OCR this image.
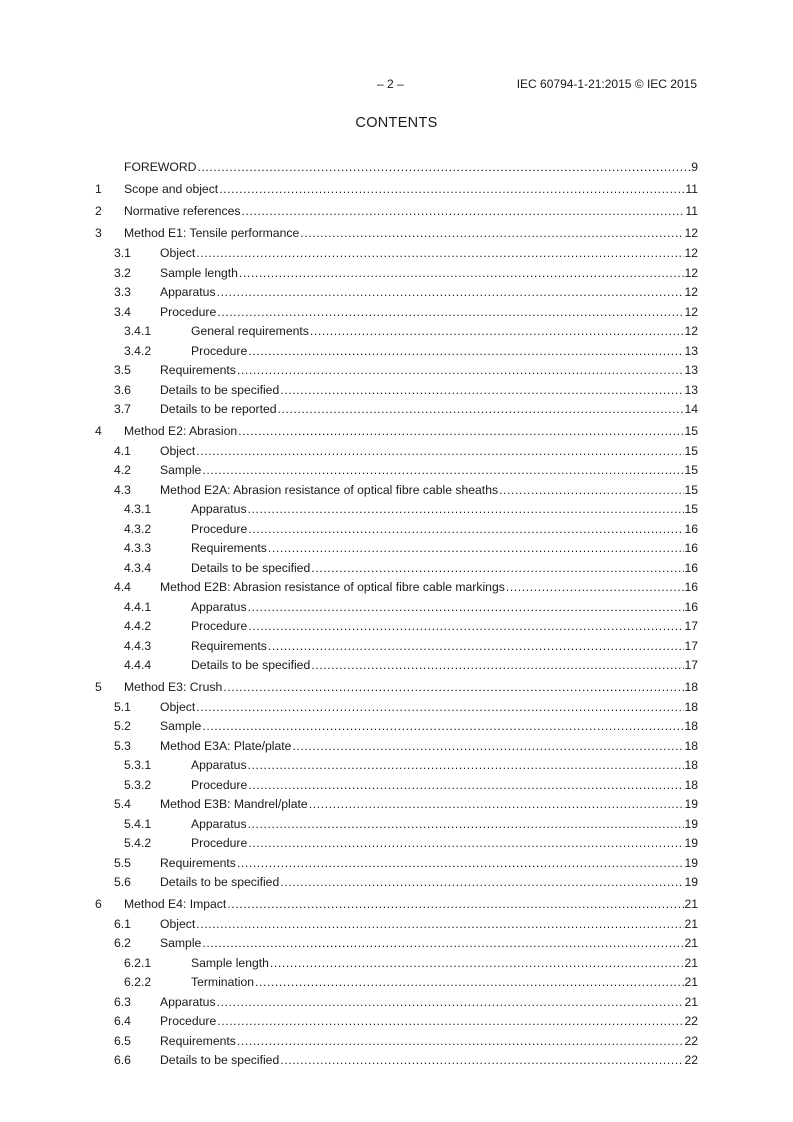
– 2 –	IEC 60794-1-21:2015 © IEC 2015
CONTENTS
FOREWORD .....	9
1 Scope and object .....	11
2 Normative references .....	11
3 Method E1: Tensile performance .....	12
3.1 Object .....	12
3.2 Sample length .....	12
3.3 Apparatus .....	12
3.4 Procedure .....	12
3.4.1	General requirements .....	12
3.4.2	Procedure .....	13
3.5 Requirements .....	13
3.6 Details to be specified .....	13
3.7 Details to be reported .....	14
4 Method E2: Abrasion .....	15
4.1 Object .....	15
4.2 Sample .....	15
4.3 Method E2A: Abrasion resistance of optical fibre cable sheaths .....	15
4.3.1	Apparatus .....	15
4.3.2	Procedure .....	16
4.3.3	Requirements .....	16
4.3.4	Details to be specified .....	16
4.4 Method E2B: Abrasion resistance of optical fibre cable markings .....	16
4.4.1	Apparatus .....	16
4.4.2	Procedure .....	17
4.4.3	Requirements .....	17
4.4.4	Details to be specified .....	17
5 Method E3: Crush .....	18
5.1 Object .....	18
5.2 Sample .....	18
5.3 Method E3A: Plate/plate .....	18
5.3.1	Apparatus .....	18
5.3.2	Procedure .....	18
5.4 Method E3B: Mandrel/plate .....	19
5.4.1	Apparatus .....	19
5.4.2	Procedure .....	19
5.5 Requirements .....	19
5.6 Details to be specified .....	19
6 Method E4: Impact .....	21
6.1 Object .....	21
6.2 Sample .....	21
6.2.1	Sample length .....	21
6.2.2	Termination .....	21
6.3 Apparatus .....	21
6.4 Procedure .....	22
6.5 Requirements .....	22
6.6 Details to be specified .....	22
